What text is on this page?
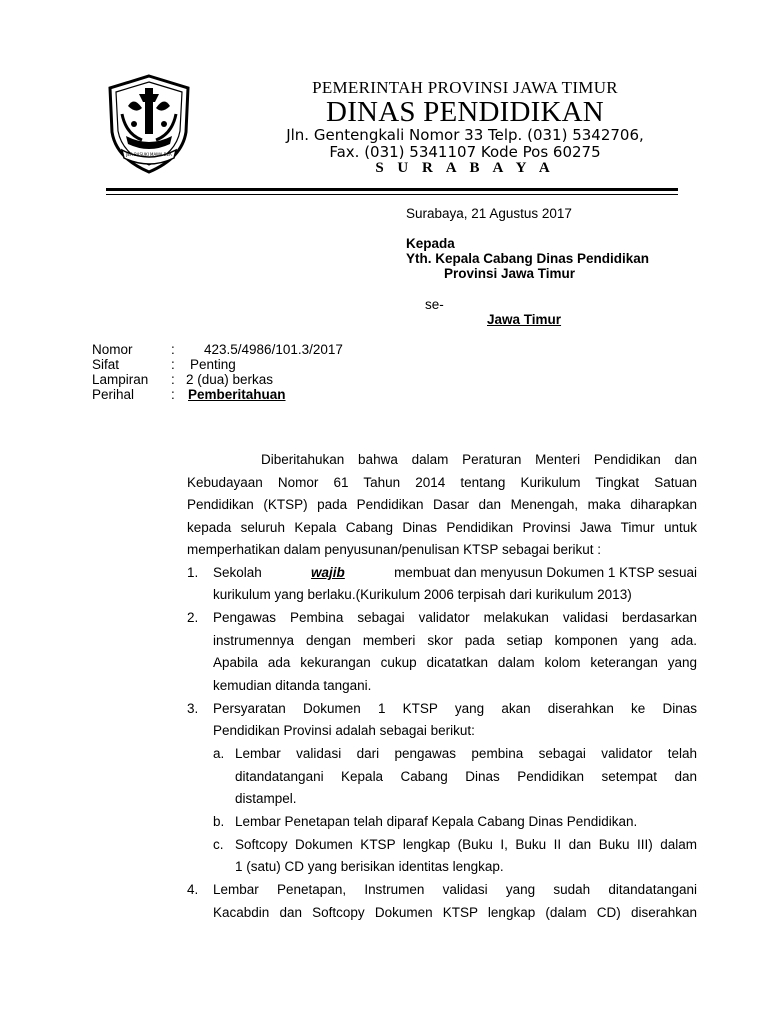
JER BASUKI MAWA BEA
PEMERINTAH PROVINSI JAWA TIMUR
DINAS PENDIDIKAN
Jln. Gentengkali Nomor 33 Telp. (031) 5342706,
Fax. (031) 5341107 Kode Pos 60275
S U R A B A Y A
Surabaya, 21 Agustus 2017
Kepada
Yth. Kepala Cabang Dinas Pendidikan
Provinsi Jawa Timur
se-
Jawa Timur
Nomor	: 423.5/4986/101.3/2017
Sifat	: Penting
Lampiran : 2 (dua) berkas
Perihal	: Pemberitahuan
Diberitahukan bahwa dalam Peraturan Menteri Pendidikan dan
Kebudayaan Nomor 61 Tahun 2014 tentang Kurikulum Tingkat Satuan
Pendidikan (KTSP) pada Pendidikan Dasar dan Menengah, maka diharapkan
kepada seluruh Kepala Cabang Dinas Pendidikan Provinsi Jawa Timur untuk
memperhatikan dalam penyusunan/penulisan KTSP sebagai berikut :
1. Sekolah	wajib	membuat dan menyusun Dokumen 1 KTSP sesuai
kurikulum yang berlaku.(Kurikulum 2006 terpisah dari kurikulum 2013)
2. Pengawas Pembina sebagai validator melakukan validasi berdasarkan
instrumennya dengan memberi skor pada setiap komponen yang ada.
Apabila ada kekurangan cukup dicatatkan dalam kolom keterangan yang
kemudian ditanda tangani.
3. Persyaratan Dokumen 1 KTSP yang akan diserahkan ke Dinas
Pendidikan Provinsi adalah sebagai berikut:
a. Lembar validasi dari pengawas pembina sebagai validator telah
ditandatangani Kepala Cabang Dinas Pendidikan setempat dan
distampel.
b. Lembar Penetapan telah diparaf Kepala Cabang Dinas Pendidikan.
c. Softcopy Dokumen KTSP lengkap (Buku I, Buku II dan Buku III) dalam
1 (satu) CD yang berisikan identitas lengkap.
4. Lembar Penetapan, Instrumen validasi yang sudah ditandatangani
Kacabdin dan Softcopy Dokumen KTSP lengkap (dalam CD) diserahkan
